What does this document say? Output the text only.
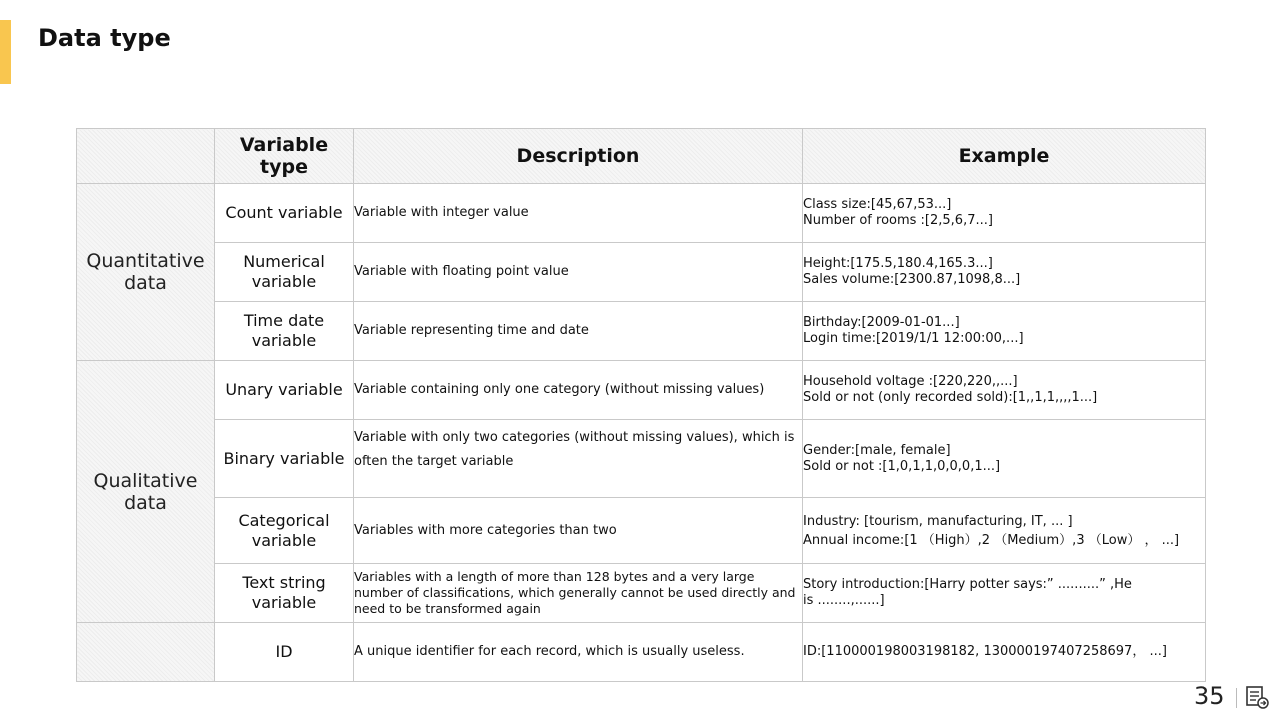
Data type
	Variable type	Description	Example
Quantitative data	Count variable	Variable with integer value	Class size:[45,67,53...]
Number of rooms :[2,5,6,7...]

	Numerical variable	Variable with floating point value	Height:[175.5,180.4,165.3...]
Sales volume:[2300.87,1098,8...]

	Time date variable	Variable representing time and date	Birthday:[2009-01-01...]
Login time:[2019/1/1 12:00:00,...]

Qualitative data	Unary variable	Variable containing only one category (without missing values)	Household voltage :[220,220,,...]
Sold or not (only recorded sold):[1,,1,1,,,,1...]

	Binary variable	Variable with only two categories (without missing values), which is often the target variable	Gender:[male, female]
Sold or not :[1,0,1,1,0,0,0,1...]

	Categorical variable	Variables with more categories than two	Industry: [tourism, manufacturing, IT, ... ]
Annual income:[1 （High）,2 （Medium）,3 （Low） ， ...]

	Text string variable	Variables with a length of more than 128 bytes and a very large number of classifications, which generally cannot be used directly and need to be transformed again	Story introduction:[Harry potter says:” ..........” ,He
is ........,......]

	ID	A unique identifier for each record, which is usually useless.	ID:[110000198003198182, 130000197407258697， ...]
35
